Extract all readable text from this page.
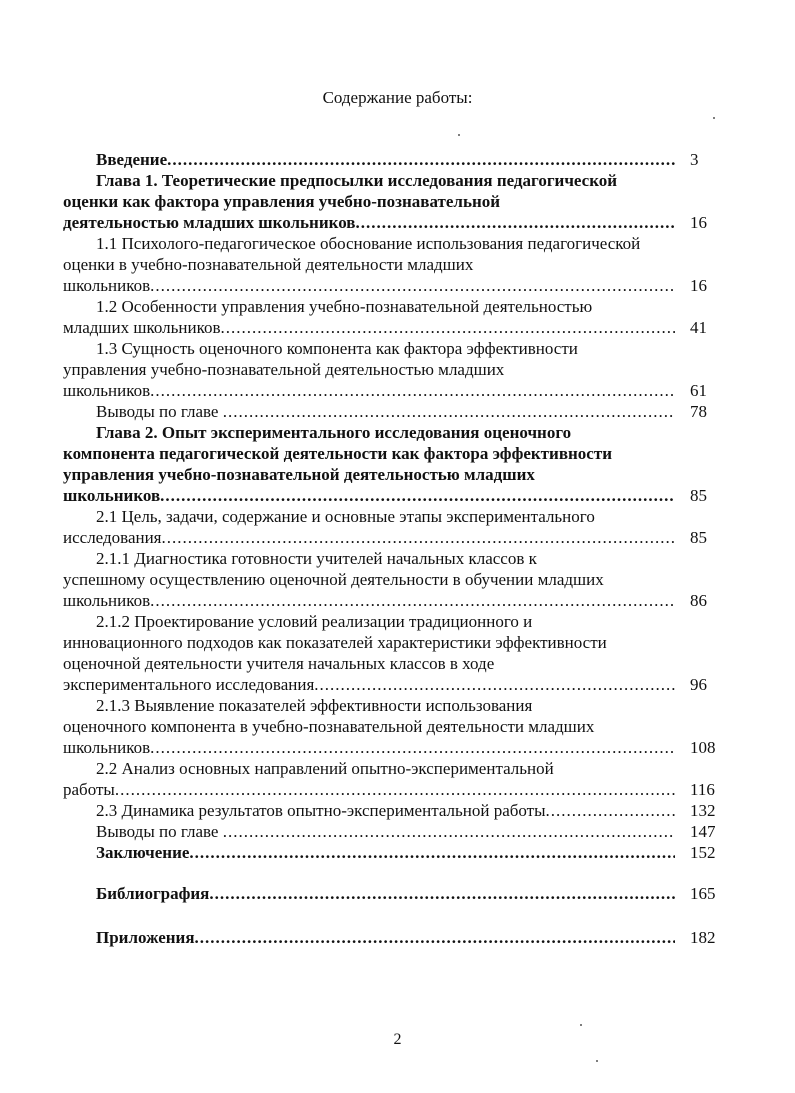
Содержание работы:
Введение .....	3
Глава 1. Теоретические предпосылки исследования педагогической
оценки как фактора управления учебно-познавательной
деятельностью младших школьников .....	16
1.1 Психолого-педагогическое обоснование использования педагогической
оценки в учебно-познавательной деятельности младших
школьников .....	16
1.2 Особенности управления учебно-познавательной деятельностью
младших школьников .....	41
1.3 Сущность оценочного компонента как фактора эффективности
управления учебно-познавательной деятельностью младших
школьников .....	61
Выводы по главе .....	78
Глава 2. Опыт экспериментального исследования оценочного
компонента педагогической деятельности как фактора эффективности
управления учебно-познавательной деятельностью младших
школьников .....	85
2.1 Цель, задачи, содержание и основные этапы экспериментального
исследования .....	85
2.1.1 Диагностика готовности учителей начальных классов к
успешному осуществлению оценочной деятельности в обучении младших
школьников .....	86
2.1.2 Проектирование условий реализации традиционного и
инновационного подходов как показателей характеристики эффективности
оценочной деятельности учителя начальных классов в ходе
экспериментального исследования .....	96
2.1.3 Выявление показателей эффективности использования
оценочного компонента в учебно-познавательной деятельности младших
школьников .....	108
2.2 Анализ основных направлений опытно-экспериментальной
работы .....	116
2.3 Динамика результатов опытно-экспериментальной работы .....	132
Выводы по главе .....	147
Заключение .....	152
Библиография .....	165
Приложения .....	182
2
